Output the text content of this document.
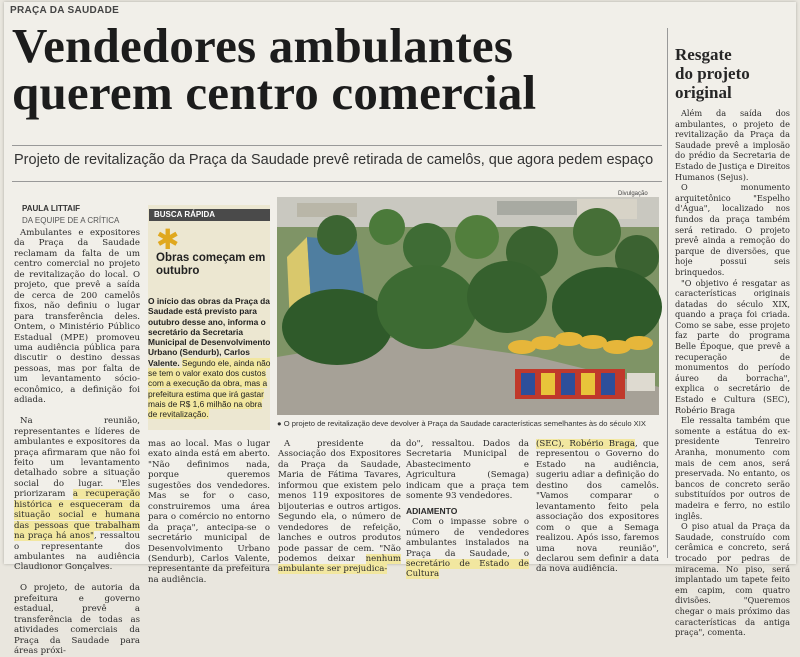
PRAÇA DA SAUDADE
Vendedores ambulantes
querem centro comercial
Projeto de revitalização da Praça da Saudade prevê retirada de camelôs, que agora pedem espaço
PAULA LITTAIF
DA EQUIPE DE A CRÍTICA

Ambulantes e expositores da Praça da Saudade reclamam da falta de um centro comercial no projeto de revitalização do local. O projeto, que prevê a saída de cerca de 200 camelôs fixos, não definiu o lugar para transferência deles. Ontem, o Ministério Público Estadual (MPE) promoveu uma audiência pública para discutir o destino dessas pessoas, mas por falta de um levantamento sócio-econômico, a definição foi adiada.

Na reunião, representantes e líderes de ambulantes e expositores da praça afirmaram que não foi feito um levantamento detalhado sobre a situação social do lugar. "Eles priorizaram a recuperação histórica e esqueceram da situação social e humana das pessoas que trabalham na praça há anos", ressaltou o representante dos ambulantes na audiência Claudionor Gonçalves.

O projeto, de autoria da prefeitura e governo estadual, prevê a transferência de todas as atividades comerciais da Praça da Saudade para áreas próxi-

BUSCA RÁPIDA
✱
Obras começam em outubro
O início das obras da Praça da Saudade está previsto para outubro desse ano, informa o secretário da Secretaria Municipal de Desenvolvimento Urbano (Sendurb), Carlos Valente. Segundo ele, ainda não se tem o valor exato dos custos com a execução da obra, mas a prefeitura estima que irá gastar mais de R$ 1,6 milhão na obra de revitalização.
Divulgação
● O projeto de revitalização deve devolver à Praça da Saudade características semelhantes às do século XIX

mas ao local. Mas o lugar exato ainda está em aberto. "Não definimos nada, porque queremos sugestões dos vendedores. Mas se for o caso, construiremos uma área para o comércio no entorno da praça", antecipa-se o secretário municipal de Desenvolvimento Urbano (Sendurb), Carlos Valente, representante da prefeitura na audiência.

A presidente da Associação dos Expositores da Praça da Saudade, Maria de Fátima Tavares, informou que existem pelo menos 119 expositores de bijouterias e outros artigos. Segundo ela, o número de vendedores de refeição, lanches e outros produtos pode passar de cem. "Não podemos deixar nenhum ambulante ser prejudica-

do", ressaltou. Dados da Secretaria Municipal de Abastecimento e Agricultura (Semaga) indicam que a praça tem somente 93 vendedores.

ADIAMENTO

Com o impasse sobre o número de vendedores ambulantes instalados na Praça da Saudade, o secretário de Estado de Cultura

(SEC), Robério Braga, que representou o Governo do Estado na audiência, sugeriu adiar a definição do destino dos camelôs. "Vamos comparar o levantamento feito pela associação dos expositores com o que a Semaga realizou. Após isso, faremos uma nova reunião", declarou sem definir a data da nova audiência.

Resgate
do projeto
original

Além da saída dos ambulantes, o projeto de revitalização da Praça da Saudade prevê a implosão do prédio da Secretaria de Estado de Justiça e Direitos Humanos (Sejus).

O monumento arquitetônico "Espelho d'Água", localizado nos fundos da praça também será retirado. O projeto prevê ainda a remoção do parque de diversões, que hoje possui seis brinquedos.

"O objetivo é resgatar as características originais datadas do século XIX, quando a praça foi criada. Como se sabe, esse projeto faz parte do programa Belle Époque, que prevê a recuperação de monumentos do período áureo da borracha", explica o secretário de Estado e Cultura (SEC), Robério Braga

Ele ressalta também que somente a estátua do ex-presidente Tenreiro Aranha, monumento com mais de cem anos, será preservada. No entanto, os bancos de concreto serão substituídos por outros de madeira e ferro, no estilo inglês.

O piso atual da Praça da Saudade, construído com cerâmica e concreto, será trocado por pedras de miracema. No piso, será implantado um tapete feito em capim, com quatro divisões. "Queremos chegar o mais próximo das características da antiga praça", comenta.
